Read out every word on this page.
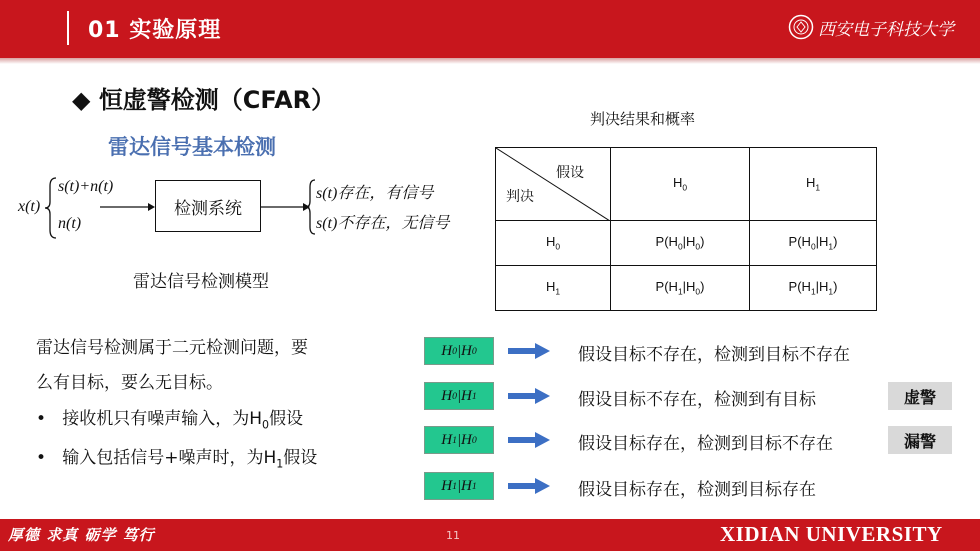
01 实验原理	西安电子科技大学
◆ 恒虚警检测（CFAR）
雷达信号基本检测
x(t)
s(t)+n(t)
n(t)
检测系统
s(t)存在，有信号
s(t)不存在，无信号
雷达信号检测模型
判决结果和概率
假设
判决	$H_0$	$H_1$
$H_0$	$P(H_0|H_0)$	$P(H_0|H_1)$
$H_1$	$P(H_1|H_0)$	$P(H_1|H_1)$
雷达信号检测属于二元检测问题，要
么有目标，要么无目标。
•   接收机只有噪声输入，为$H_0$假设
•   输入包括信号+噪声时，为$H_1$假设
H 0 |H 0
H 0 |H 1
H 1 |H 0
H 1 |H 1
假设目标不存在，检测到目标不存在
假设目标不存在，检测到有目标
假设目标存在，检测到目标不存在
假设目标存在，检测到目标存在
虚警
漏警
厚德 求真 砺学 笃行	11	XIDIAN UNIVERSITY
